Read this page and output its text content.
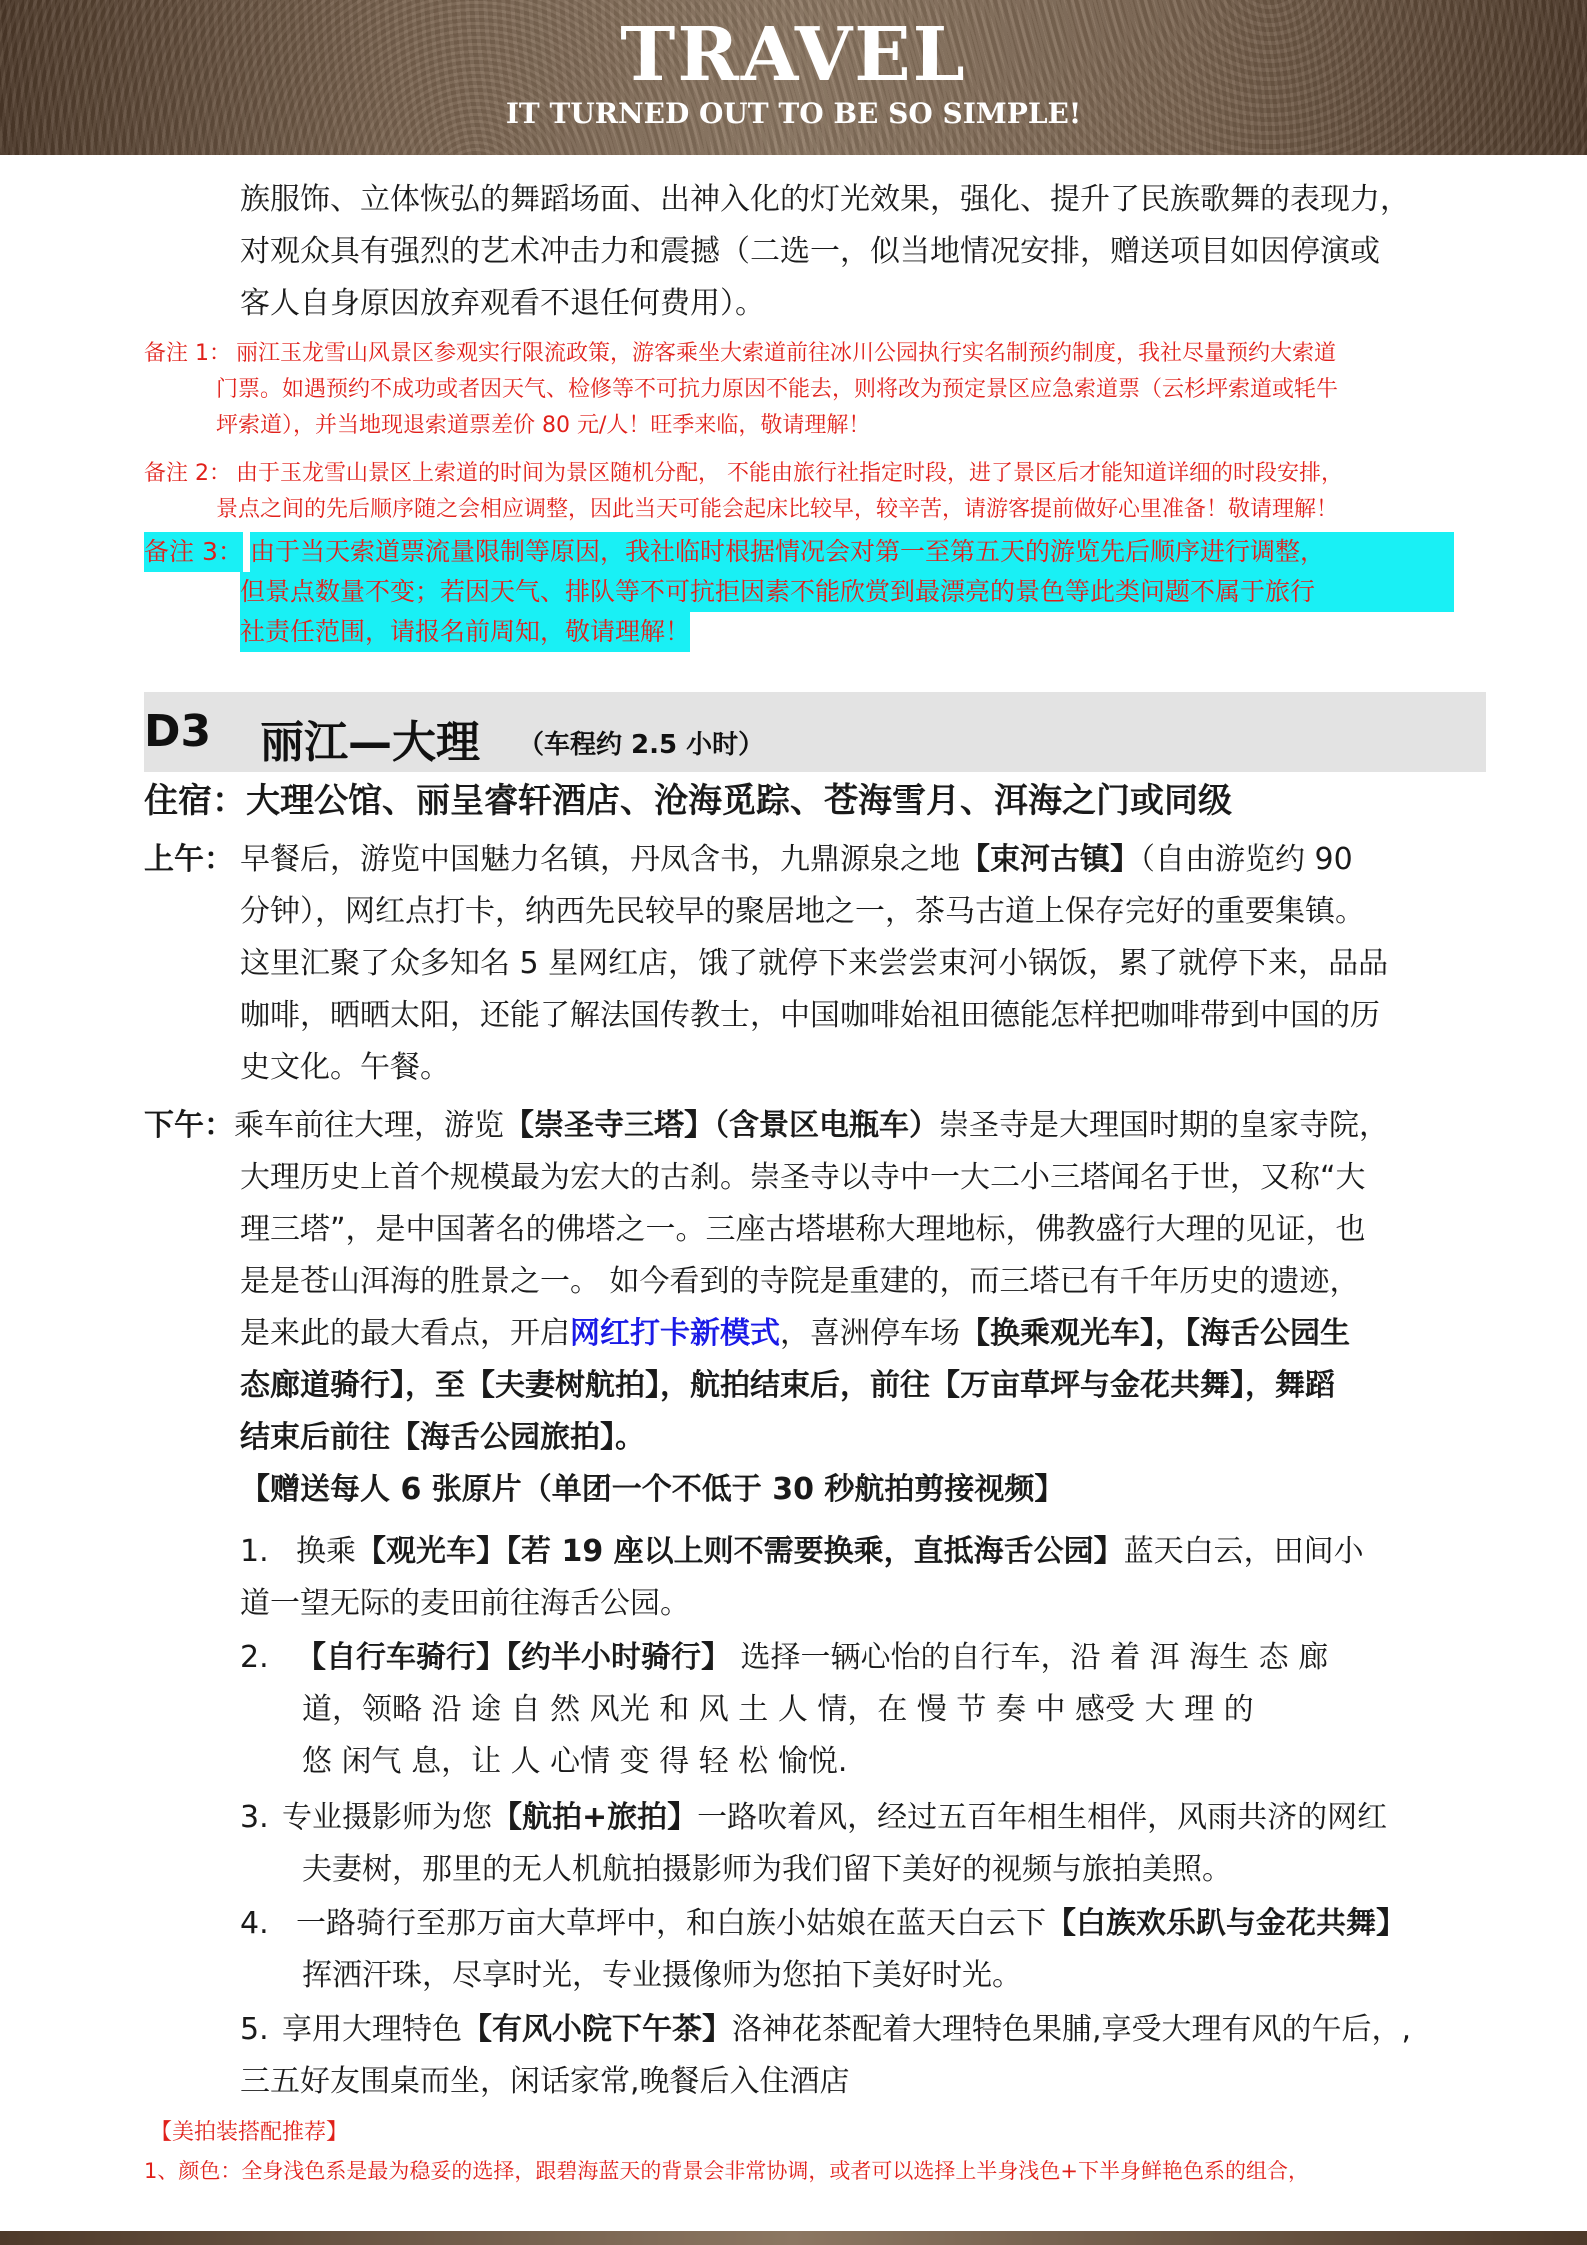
TRAVEL
IT TURNED OUT TO BE SO SIMPLE!
族服饰、立体恢弘的舞蹈场面、出神入化的灯光效果，强化、提升了民族歌舞的表现力，
对观众具有强烈的艺术冲击力和震撼（二选一，似当地情况安排，赠送项目如因停演或
客人自身原因放弃观看不退任何费用）。
备注 1： 丽江玉龙雪山风景区参观实行限流政策，游客乘坐大索道前往冰川公园执行实名制预约制度，我社尽量预约大索道
门票。如遇预约不成功或者因天气、检修等不可抗力原因不能去，则将改为预定景区应急索道票（云杉坪索道或牦牛
坪索道），并当地现退索道票差价 80 元/人！旺季来临，敬请理解！
备注 2： 由于玉龙雪山景区上索道的时间为景区随机分配， 不能由旅行社指定时段，进了景区后才能知道详细的时段安排，
景点之间的先后顺序随之会相应调整，因此当天可能会起床比较早，较辛苦，请游客提前做好心里准备！敬请理解！
备注 3： 由于当天索道票流量限制等原因，我社临时根据情况会对第一至第五天的游览先后顺序进行调整，
但景点数量不变；若因天气、排队等不可抗拒因素不能欣赏到最漂亮的景色等此类问题不属于旅行
社责任范围，请报名前周知，敬请理解！
D3 丽江—大理 （车程约 2.5 小时）
住宿：大理公馆、丽呈睿轩酒店、沧海觅踪、苍海雪月、洱海之门或同级
上午： 早餐后，游览中国魅力名镇，丹凤含书，九鼎源泉之地【束河古镇】（自由游览约 90
分钟），网红点打卡，纳西先民较早的聚居地之一，茶马古道上保存完好的重要集镇。
这里汇聚了众多知名 5 星网红店，饿了就停下来尝尝束河小锅饭，累了就停下来，品品
咖啡，晒晒太阳，还能了解法国传教士，中国咖啡始祖田德能怎样把咖啡带到中国的历
史文化。午餐。
下午： 乘车前往大理，游览【崇圣寺三塔】（含景区电瓶车）崇圣寺是大理国时期的皇家寺院，
大理历史上首个规模最为宏大的古刹。崇圣寺以寺中一大二小三塔闻名于世，又称“大
理三塔”，是中国著名的佛塔之一。三座古塔堪称大理地标，佛教盛行大理的见证，也
是是苍山洱海的胜景之一。 如今看到的寺院是重建的，而三塔已有千年历史的遗迹，
是来此的最大看点，开启网红打卡新模式，喜洲停车场【换乘观光车】，【海舌公园生
态廊道骑行】，至【夫妻树航拍】，航拍结束后，前往【万亩草坪与金花共舞】，舞蹈
结束后前往【海舌公园旅拍】。
【赠送每人 6 张原片（单团一个不低于 30 秒航拍剪接视频】
1. 换乘【观光车】【若 19 座以上则不需要换乘，直抵海舌公园】蓝天白云，田间小
道一望无际的麦田前往海舌公园。
2. 【自行车骑行】【约半小时骑行】 选择一辆心怡的自行车，沿 着 洱 海生 态 廊
道，领略 沿 途 自 然 风光 和 风 土 人 情，在 慢 节 奏 中 感受 大 理 的
悠 闲气 息，让 人 心情 变 得 轻 松 愉悦.
3. 专业摄影师为您【航拍+旅拍】一路吹着风，经过五百年相生相伴，风雨共济的网红
夫妻树，那里的无人机航拍摄影师为我们留下美好的视频与旅拍美照。
4. 一路骑行至那万亩大草坪中，和白族小姑娘在蓝天白云下【白族欢乐趴与金花共舞】
挥洒汗珠，尽享时光，专业摄像师为您拍下美好时光。
5. 享用大理特色【有风小院下午茶】洛神花茶配着大理特色果脯,享受大理有风的午后，,
三五好友围桌而坐，闲话家常,晚餐后入住酒店
【美拍装搭配推荐】
1、颜色：全身浅色系是最为稳妥的选择，跟碧海蓝天的背景会非常协调，或者可以选择上半身浅色+下半身鲜艳色系的组合，
